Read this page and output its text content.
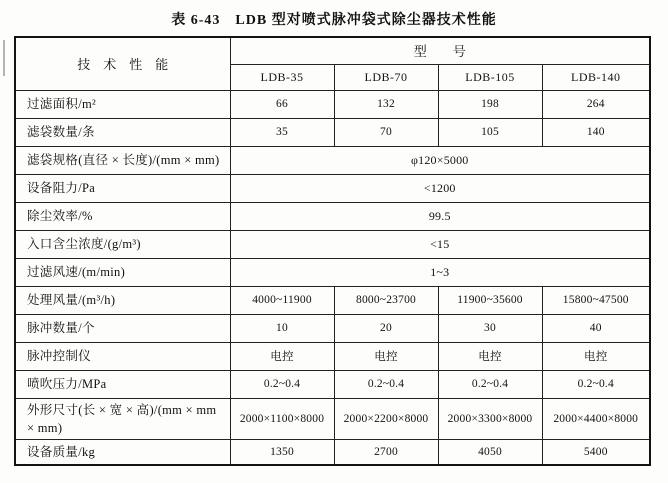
表 6-43　LDB 型对喷式脉冲袋式除尘器技术性能
技　术　性　能	型　　号			
	LDB-35	LDB-70	LDB-105	LDB-140
过滤面积/m²	66	132	198	264
滤袋数量/条	35	70	105	140
滤袋规格(直径 × 长度)/(mm × mm)	φ120×5000			
设备阻力/Pa	<1200			
除尘效率/%	99.5			
入口含尘浓度/(g/m³)	<15			
过滤风速/(m/min)	1~3			
处理风量/(m³/h)	4000~11900	8000~23700	11900~35600	15800~47500
脉冲数量/个	10	20	30	40
脉冲控制仪	电控	电控	电控	电控
喷吹压力/MPa	0.2~0.4	0.2~0.4	0.2~0.4	0.2~0.4
外形尺寸(长 × 宽 × 高)/(mm × mm × mm)	2000×1100×8000	2000×2200×8000	2000×3300×8000	2000×4400×8000
设备质量/kg	1350	2700	4050	5400
